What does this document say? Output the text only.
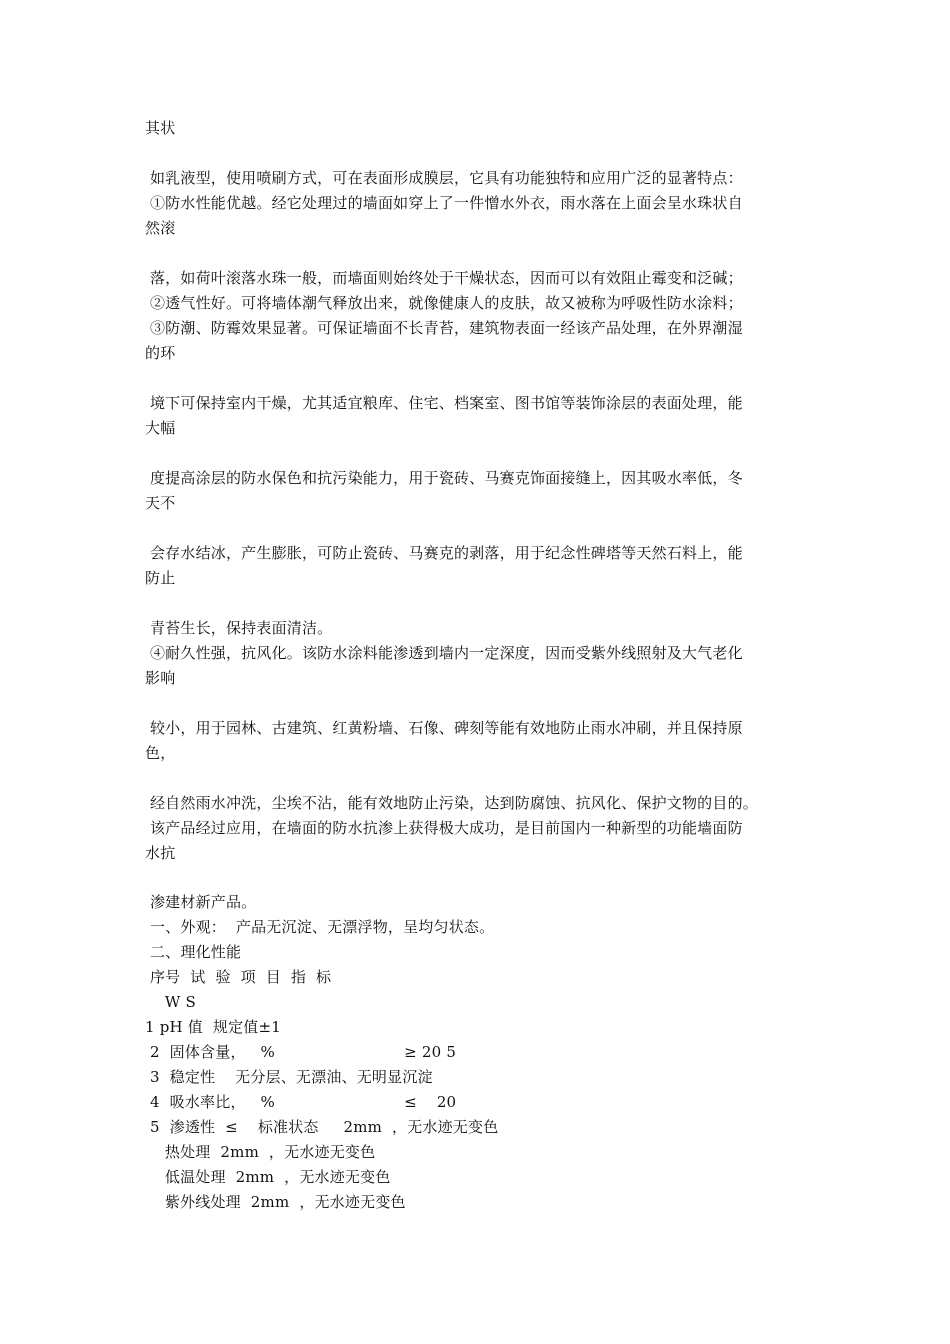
其状
如乳液型，使用喷刷方式，可在表面形成膜层，它具有功能独特和应用广泛的显著特点：
①防水性能优越。经它处理过的墙面如穿上了一件憎水外衣，雨水落在上面会呈水珠状自
然滚
落，如荷叶滚落水珠一般，而墙面则始终处于干燥状态，因而可以有效阻止霉变和泛碱；
②透气性好。可将墙体潮气释放出来，就像健康人的皮肤，故又被称为呼吸性防水涂料；
③防潮、防霉效果显著。可保证墙面不长青苔，建筑物表面一经该产品处理，在外界潮湿
的环
境下可保持室内干燥，尤其适宜粮库、住宅、档案室、图书馆等装饰涂层的表面处理，能
大幅
度提高涂层的防水保色和抗污染能力，用于瓷砖、马赛克饰面接缝上，因其吸水率低，冬
天不
会存水结冰，产生膨胀，可防止瓷砖、马赛克的剥落，用于纪念性碑塔等天然石料上，能
防止
青苔生长，保持表面清洁。
④耐久性强，抗风化。该防水涂料能渗透到墙内一定深度，因而受紫外线照射及大气老化
影响
较小，用于园林、古建筑、红黄粉墙、石像、碑刻等能有效地防止雨水冲刷，并且保持原
色，
经自然雨水冲洗，尘埃不沾，能有效地防止污染，达到防腐蚀、抗风化、保护文物的目的。
该产品经过应用，在墙面的防水抗渗上获得极大成功，是目前国内一种新型的功能墙面防
水抗
渗建材新产品。
一、外观：  产品无沉淀、无漂浮物，呈均匀状态。
二、理化性能
序号  试  验  项  目  指  标
W S
1 pH 值  规定值±1
2  固体含量，   %                          ≥ 20 5
3  稳定性    无分层、无漂油、无明显沉淀
4  吸水率比，   %                          ≤    20
5  渗透性  ≤    标准状态     2mm  ，无水迹无变色
热处理  2mm  ，无水迹无变色
低温处理  2mm  ，无水迹无变色
紫外线处理  2mm  ，无水迹无变色
